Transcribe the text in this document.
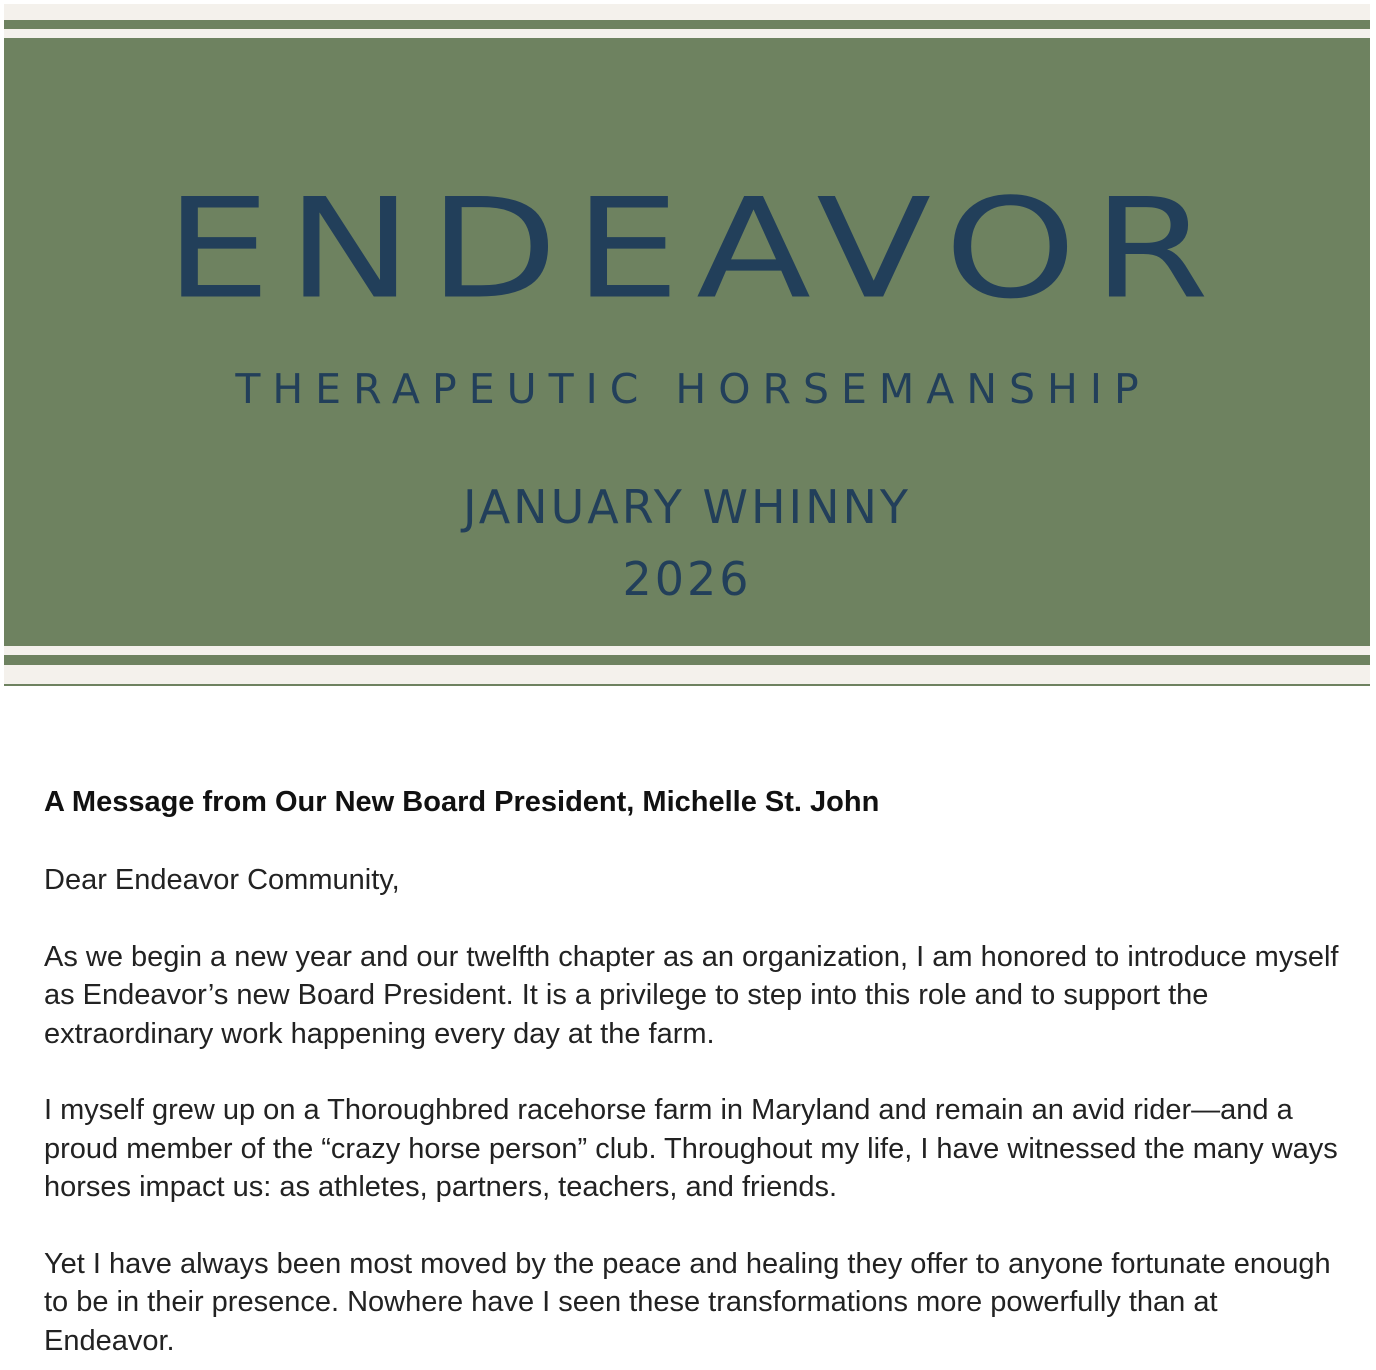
ENDEAVOR
THERAPEUTIC HORSEMANSHIP
JANUARY WHINNY
2026
A Message from Our New Board President, Michelle St. John

Dear Endeavor Community,

As we begin a new year and our twelfth chapter as an organization, I am honored to introduce myself as Endeavor’s new Board President. It is a privilege to step into this role and to support the extraordinary work happening every day at the farm.

I myself grew up on a Thoroughbred racehorse farm in Maryland and remain an avid rider—and a proud member of the “crazy horse person” club. Throughout my life, I have witnessed the many ways horses impact us: as athletes, partners, teachers, and friends.

Yet I have always been most moved by the peace and healing they offer to anyone fortunate enough to be in their presence. Nowhere have I seen these transformations more powerfully than at Endeavor.
